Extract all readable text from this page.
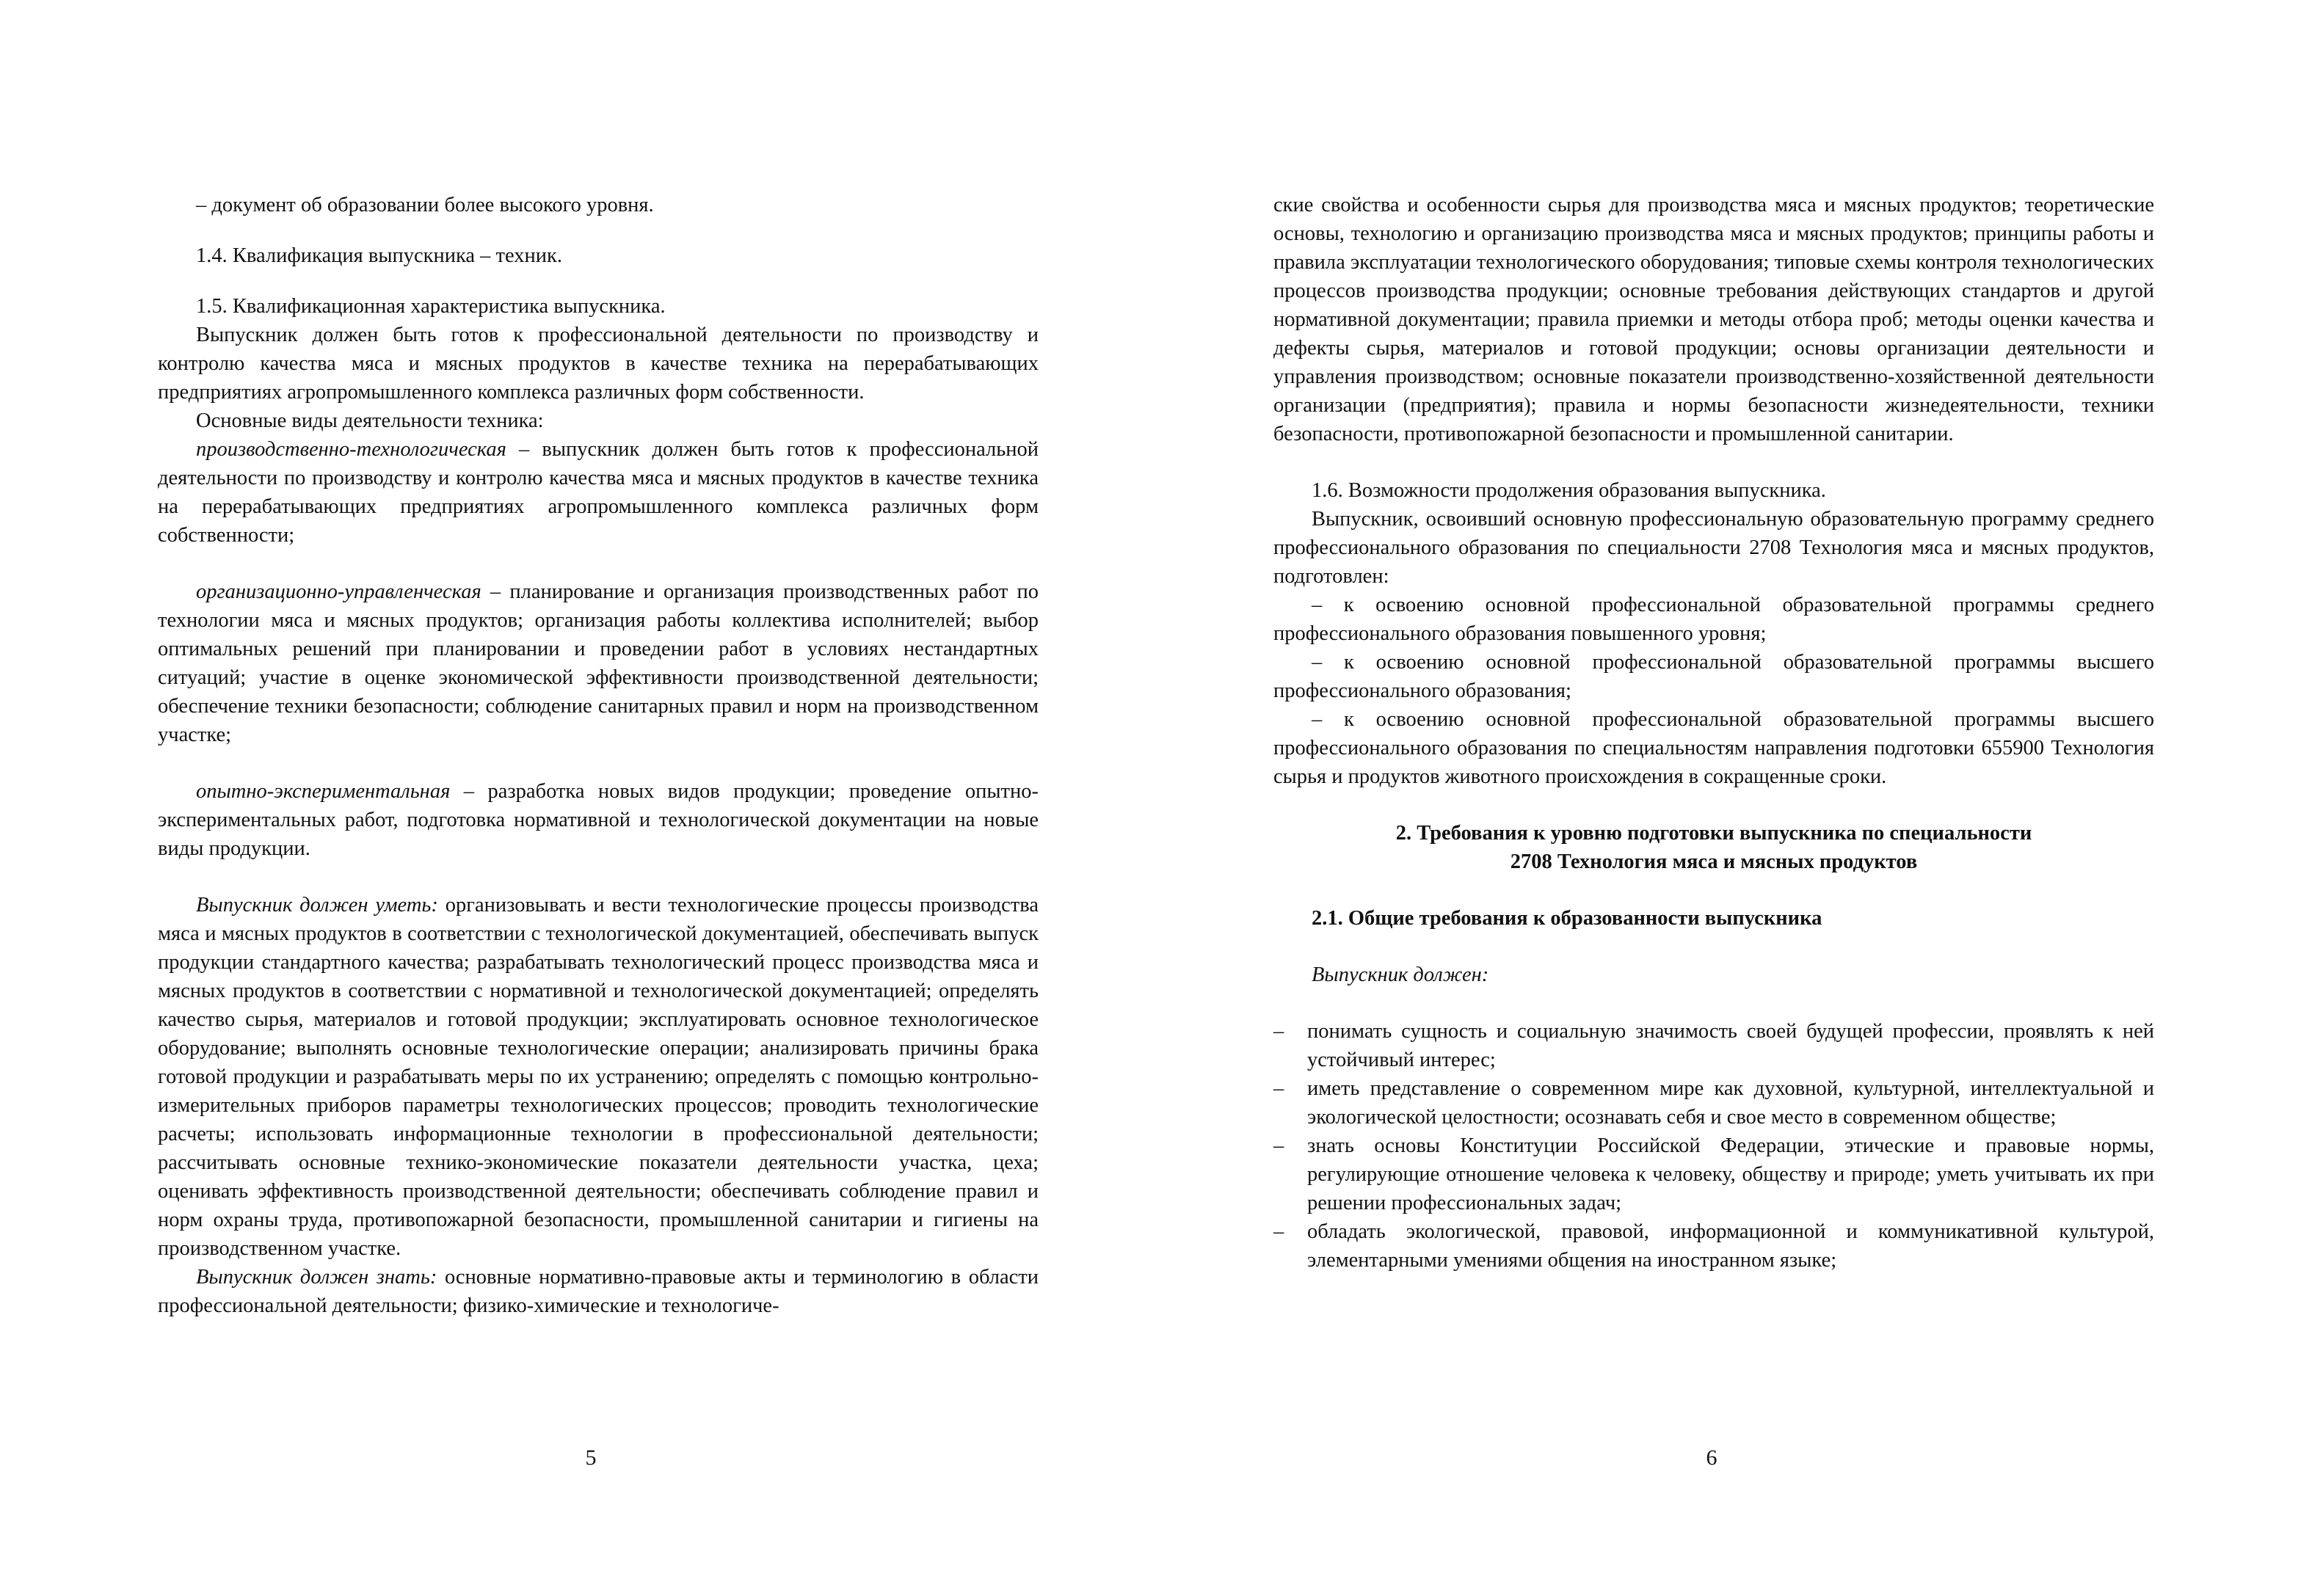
– документ об образовании более высокого уровня.

1.4. Квалификация выпускника – техник.

1.5. Квалификационная характеристика выпускника.

Выпускник должен быть готов к профессиональной деятельности по производству и контролю качества мяса и мясных продуктов в качестве техника на перерабатывающих предприятиях агропромышленного комплекса различных форм собственности.

Основные виды деятельности техника:

производственно-технологическая – выпускник должен быть готов к профессиональной деятельности по производству и контролю качества мяса и мясных продуктов в качестве техника на перерабатывающих предприятиях агропромышленного комплекса различных форм собственности;

организационно-управленческая – планирование и организация производственных работ по технологии мяса и мясных продуктов; организация работы коллектива исполнителей; выбор оптимальных решений при планировании и проведении работ в условиях нестандартных ситуаций; участие в оценке экономической эффективности производственной деятельности; обеспечение техники безопасности; соблюдение санитарных правил и норм на производственном участке;

опытно-экспериментальная – разработка новых видов продукции; проведение опытно-экспериментальных работ, подготовка нормативной и технологической документации на новые виды продукции.

Выпускник должен уметь: организовывать и вести технологические процессы производства мяса и мясных продуктов в соответствии с технологической документацией, обеспечивать выпуск продукции стандартного качества; разрабатывать технологический процесс производства мяса и мясных продуктов в соответствии с нормативной и технологической документацией; определять качество сырья, материалов и готовой продукции; эксплуатировать основное технологическое оборудование; выполнять основные технологические операции; анализировать причины брака готовой продукции и разрабатывать меры по их устранению; определять с помощью контрольно-измерительных приборов параметры технологических процессов; проводить технологические расчеты; использовать информационные технологии в профессиональной деятельности; рассчитывать основные технико-экономические показатели деятельности участка, цеха; оценивать эффективность производственной деятельности; обеспечивать соблюдение правил и норм охраны труда, противопожарной безопасности, промышленной санитарии и гигиены на производственном участке.

Выпускник должен знать: основные нормативно-правовые акты и терминологию в области профессиональной деятельности; физико-химические и технологиче-

5

ские свойства и особенности сырья для производства мяса и мясных продуктов; теоретические основы, технологию и организацию производства мяса и мясных продуктов; принципы работы и правила эксплуатации технологического оборудования; типовые схемы контроля технологических процессов производства продукции; основные требования действующих стандартов и другой нормативной документации; правила приемки и методы отбора проб; методы оценки качества и дефекты сырья, материалов и готовой продукции; основы организации деятельности и управления производством; основные показатели производственно-хозяйственной деятельности организации (предприятия); правила и нормы безопасности жизнедеятельности, техники безопасности, противопожарной безопасности и промышленной санитарии.

1.6. Возможности продолжения образования выпускника.

Выпускник, освоивший основную профессиональную образовательную программу среднего профессионального образования по специальности 2708 Технология мяса и мясных продуктов, подготовлен:

– к освоению основной профессиональной образовательной программы среднего профессионального образования повышенного уровня;

– к освоению основной профессиональной образовательной программы высшего профессионального образования;

– к освоению основной профессиональной образовательной программы высшего профессионального образования по специальностям направления подготовки 655900 Технология сырья и продуктов животного происхождения в сокращенные сроки.

2. Требования к уровню подготовки выпускника по специальности

2708 Технология мяса и мясных продуктов

2.1. Общие требования к образованности выпускника

Выпускник должен:

– понимать сущность и социальную значимость своей будущей профессии, проявлять к ней устойчивый интерес;
– иметь представление о современном мире как духовной, культурной, интеллектуальной и экологической целостности; осознавать себя и свое место в современном обществе;
– знать основы Конституции Российской Федерации, этические и правовые нормы, регулирующие отношение человека к человеку, обществу и природе; уметь учитывать их при решении профессиональных задач;
– обладать экологической, правовой, информационной и коммуникативной культурой, элементарными умениями общения на иностранном языке;
6
